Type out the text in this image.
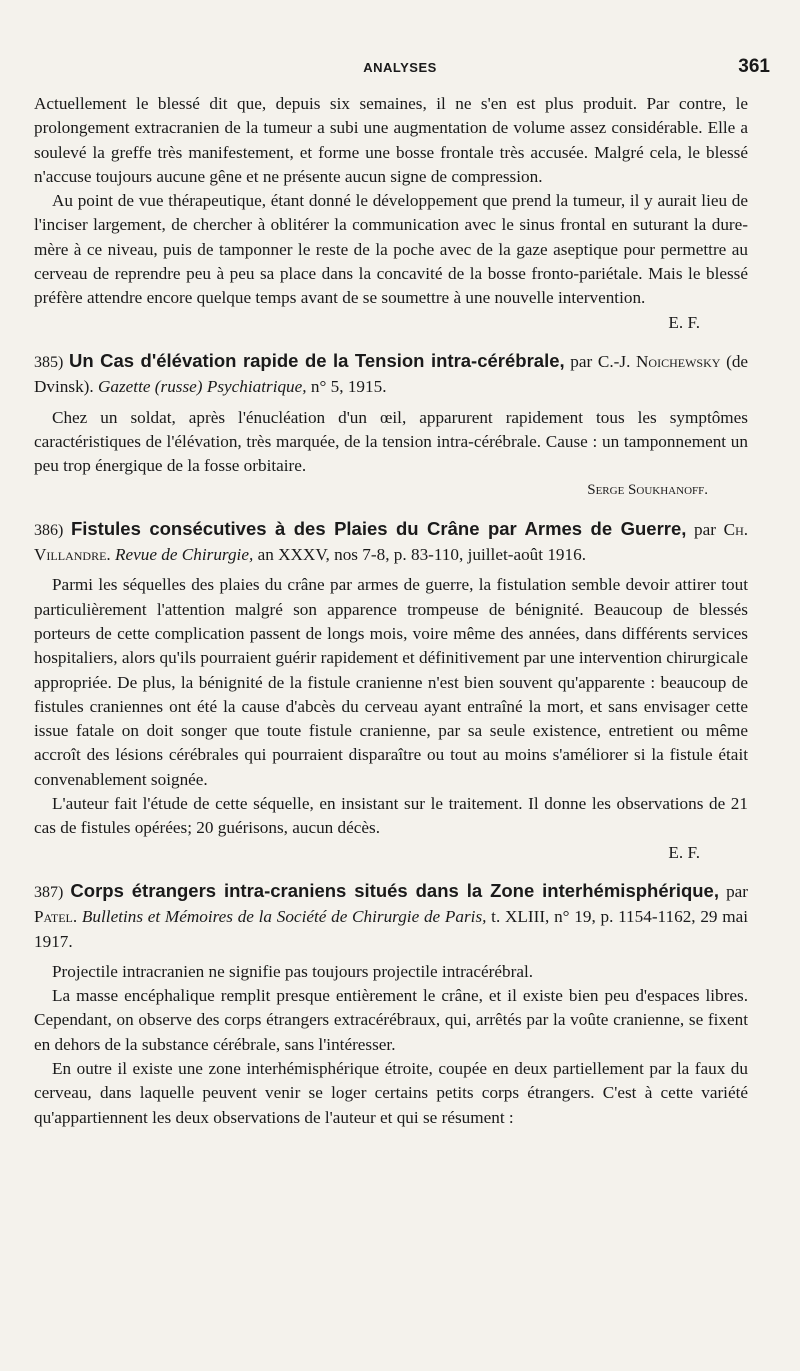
ANALYSES	361

Actuellement le blessé dit que, depuis six semaines, il ne s'en est plus produit. Par contre, le prolongement extracranien de la tumeur a subi une augmentation de volume assez considérable. Elle a soulevé la greffe très manifestement, et forme une bosse frontale très accusée. Malgré cela, le blessé n'accuse toujours aucune gêne et ne présente aucun signe de compression.

Au point de vue thérapeutique, étant donné le développement que prend la tumeur, il y aurait lieu de l'inciser largement, de chercher à oblitérer la communication avec le sinus frontal en suturant la dure-mère à ce niveau, puis de tamponner le reste de la poche avec de la gaze aseptique pour permettre au cerveau de reprendre peu à peu sa place dans la concavité de la bosse fronto-pariétale. Mais le blessé préfère attendre encore quelque temps avant de se soumettre à une nouvelle intervention.

E. F.

385) Un Cas d'élévation rapide de la Tension intra-cérébrale, par C.-J. Noichewsky (de Dvinsk). Gazette (russe) Psychiatrique, n° 5, 1915.

Chez un soldat, après l'énucléation d'un œil, apparurent rapidement tous les symptômes caractéristiques de l'élévation, très marquée, de la tension intra-cérébrale. Cause : un tamponnement un peu trop énergique de la fosse orbitaire.

Serge Soukhanoff.

386) Fistules consécutives à des Plaies du Crâne par Armes de Guerre, par Ch. Villandre. Revue de Chirurgie, an XXXV, nos 7-8, p. 83-110, juillet-août 1916.

Parmi les séquelles des plaies du crâne par armes de guerre, la fistulation semble devoir attirer tout particulièrement l'attention malgré son apparence trompeuse de bénignité. Beaucoup de blessés porteurs de cette complication passent de longs mois, voire même des années, dans différents services hospitaliers, alors qu'ils pourraient guérir rapidement et définitivement par une intervention chirurgicale appropriée. De plus, la bénignité de la fistule cranienne n'est bien souvent qu'apparente : beaucoup de fistules craniennes ont été la cause d'abcès du cerveau ayant entraîné la mort, et sans envisager cette issue fatale on doit songer que toute fistule cranienne, par sa seule existence, entretient ou même accroît des lésions cérébrales qui pourraient disparaître ou tout au moins s'améliorer si la fistule était convenablement soignée.

L'auteur fait l'étude de cette séquelle, en insistant sur le traitement. Il donne les observations de 21 cas de fistules opérées; 20 guérisons, aucun décès.

E. F.

387) Corps étrangers intra-craniens situés dans la Zone interhémisphérique, par Patel. Bulletins et Mémoires de la Société de Chirurgie de Paris, t. XLIII, n° 19, p. 1154-1162, 29 mai 1917.

Projectile intracranien ne signifie pas toujours projectile intracérébral.

La masse encéphalique remplit presque entièrement le crâne, et il existe bien peu d'espaces libres. Cependant, on observe des corps étrangers extracérébraux, qui, arrêtés par la voûte cranienne, se fixent en dehors de la substance cérébrale, sans l'intéresser.

En outre il existe une zone interhémisphérique étroite, coupée en deux partiellement par la faux du cerveau, dans laquelle peuvent venir se loger certains petits corps étrangers. C'est à cette variété qu'appartiennent les deux observations de l'auteur et qui se résument :
